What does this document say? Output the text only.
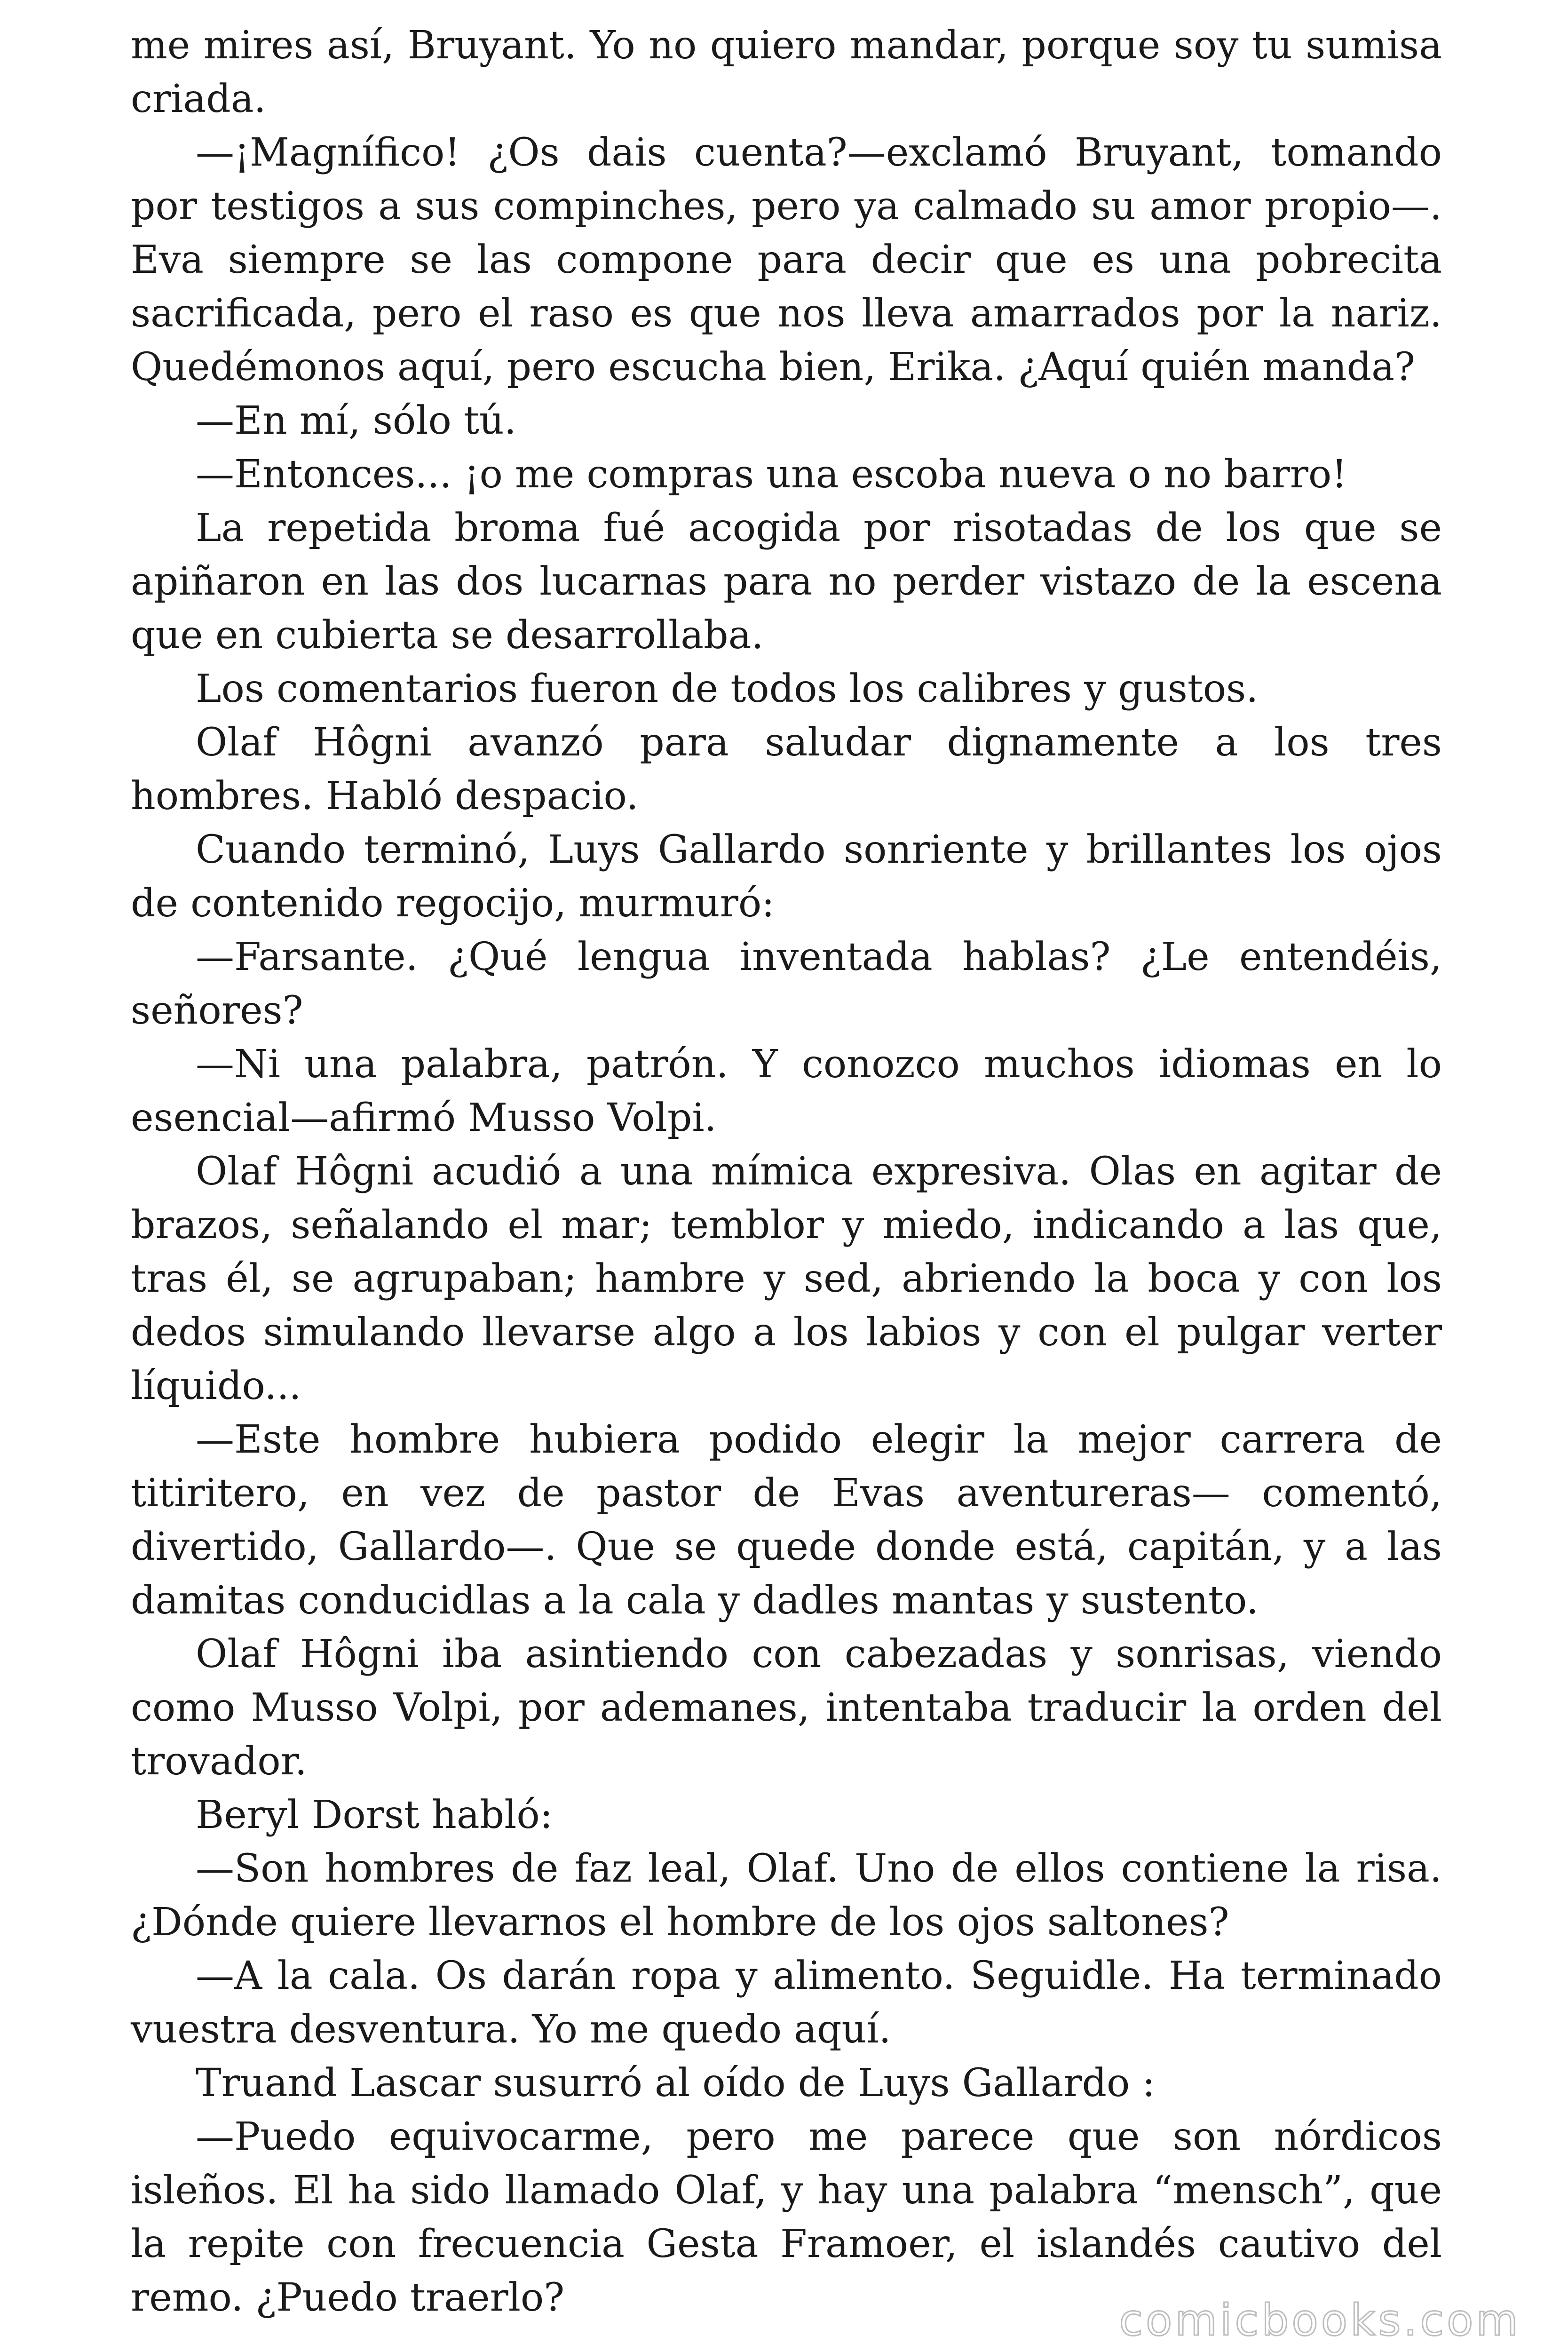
me mires así, Bruyant. Yo no quiero mandar, porque soy tu sumisa criada.

—¡Magnífico! ¿Os dais cuenta?—exclamó Bruyant, tomando por testigos a sus compinches, pero ya calmado su amor propio—. Eva siempre se las compone para decir que es una pobrecita sacrificada, pero el raso es que nos lleva amarrados por la nariz. Quedémonos aquí, pero escucha bien, Erika. ¿Aquí quién manda?

—En mí, sólo tú.

—Entonces... ¡o me compras una escoba nueva o no barro!

La repetida broma fué acogida por risotadas de los que se apiñaron en las dos lucarnas para no perder vistazo de la escena que en cubierta se desarrollaba.

Los comentarios fueron de todos los calibres y gustos.

Olaf Hôgni avanzó para saludar dignamente a los tres hombres. Habló despacio.

Cuando terminó, Luys Gallardo sonriente y brillantes los ojos de contenido regocijo, murmuró:

—Farsante. ¿Qué lengua inventada hablas? ¿Le entendéis, señores?

—Ni una palabra, patrón. Y conozco muchos idiomas en lo esencial—afirmó Musso Volpi.

Olaf Hôgni acudió a una mímica expresiva. Olas en agitar de brazos, señalando el mar; temblor y miedo, indicando a las que, tras él, se agrupaban; hambre y sed, abriendo la boca y con los dedos simulando llevarse algo a los labios y con el pulgar verter líquido...

—Este hombre hubiera podido elegir la mejor carrera de titiritero, en vez de pastor de Evas aventureras— comentó, divertido, Gallardo—. Que se quede donde está, capitán, y a las damitas conducidlas a la cala y dadles mantas y sustento.

Olaf Hôgni iba asintiendo con cabezadas y sonrisas, viendo como Musso Volpi, por ademanes, intentaba traducir la orden del trovador.

Beryl Dorst habló:

—Son hombres de faz leal, Olaf. Uno de ellos contiene la risa. ¿Dónde quiere llevarnos el hombre de los ojos saltones?

—A la cala. Os darán ropa y alimento. Seguidle. Ha terminado vuestra desventura. Yo me quedo aquí.

Truand Lascar susurró al oído de Luys Gallardo :

—Puedo equivocarme, pero me parece que son nórdicos isleños. El ha sido llamado Olaf, y hay una palabra “mensch”, que la repite con frecuencia Gesta Framoer, el islandés cautivo del remo. ¿Puedo traerlo?	comicbooks.com
